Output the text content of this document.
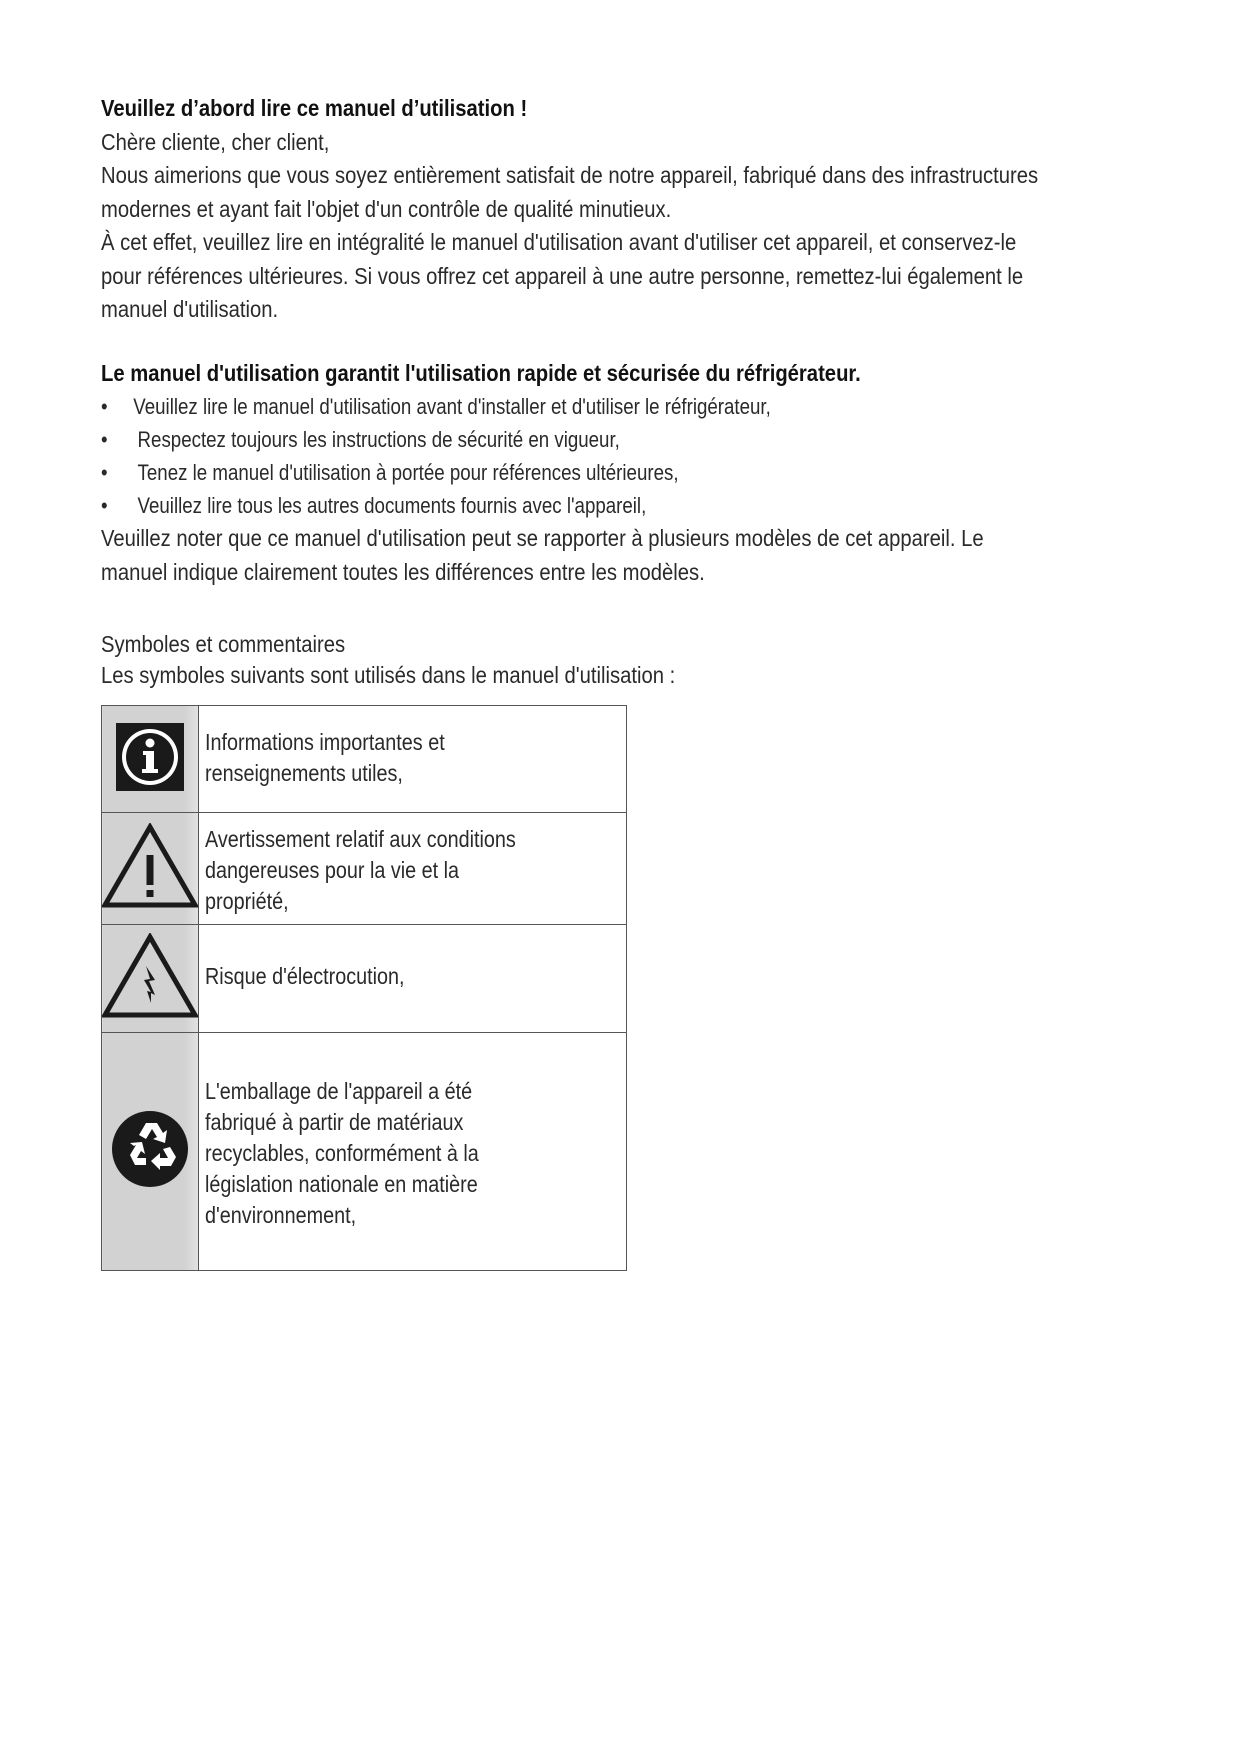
Veuillez d’abord lire ce manuel d’utilisation !

Chère cliente, cher client,

Nous aimerions que vous soyez entièrement satisfait de notre appareil, fabriqué dans des infrastructures

modernes et ayant fait l'objet d'un contrôle de qualité minutieux.

À cet effet, veuillez lire en intégralité le manuel d'utilisation avant d'utiliser cet appareil, et conservez-le

pour références ultérieures. Si vous offrez cet appareil à une autre personne, remettez-lui également le

manuel d'utilisation.

Le manuel d'utilisation garantit l'utilisation rapide et sécurisée du réfrigérateur.

• Veuillez lire le manuel d'utilisation avant d'installer et d'utiliser le réfrigérateur,

• Respectez toujours les instructions de sécurité en vigueur,

• Tenez le manuel d'utilisation à portée pour références ultérieures,

• Veuillez lire tous les autres documents fournis avec l'appareil,

Veuillez noter que ce manuel d'utilisation peut se rapporter à plusieurs modèles de cet appareil. Le

manuel indique clairement toutes les différences entre les modèles.

Symboles et commentaires

Les symboles suivants sont utilisés dans le manuel d'utilisation :

Informations importantes et
renseignements utiles,

Avertissement relatif aux conditions
dangereuses pour la vie et la
propriété,

Risque d'électrocution,

L'emballage de l'appareil a été
fabriqué à partir de matériaux
recyclables, conformément à la
législation nationale en matière
d'environnement,
